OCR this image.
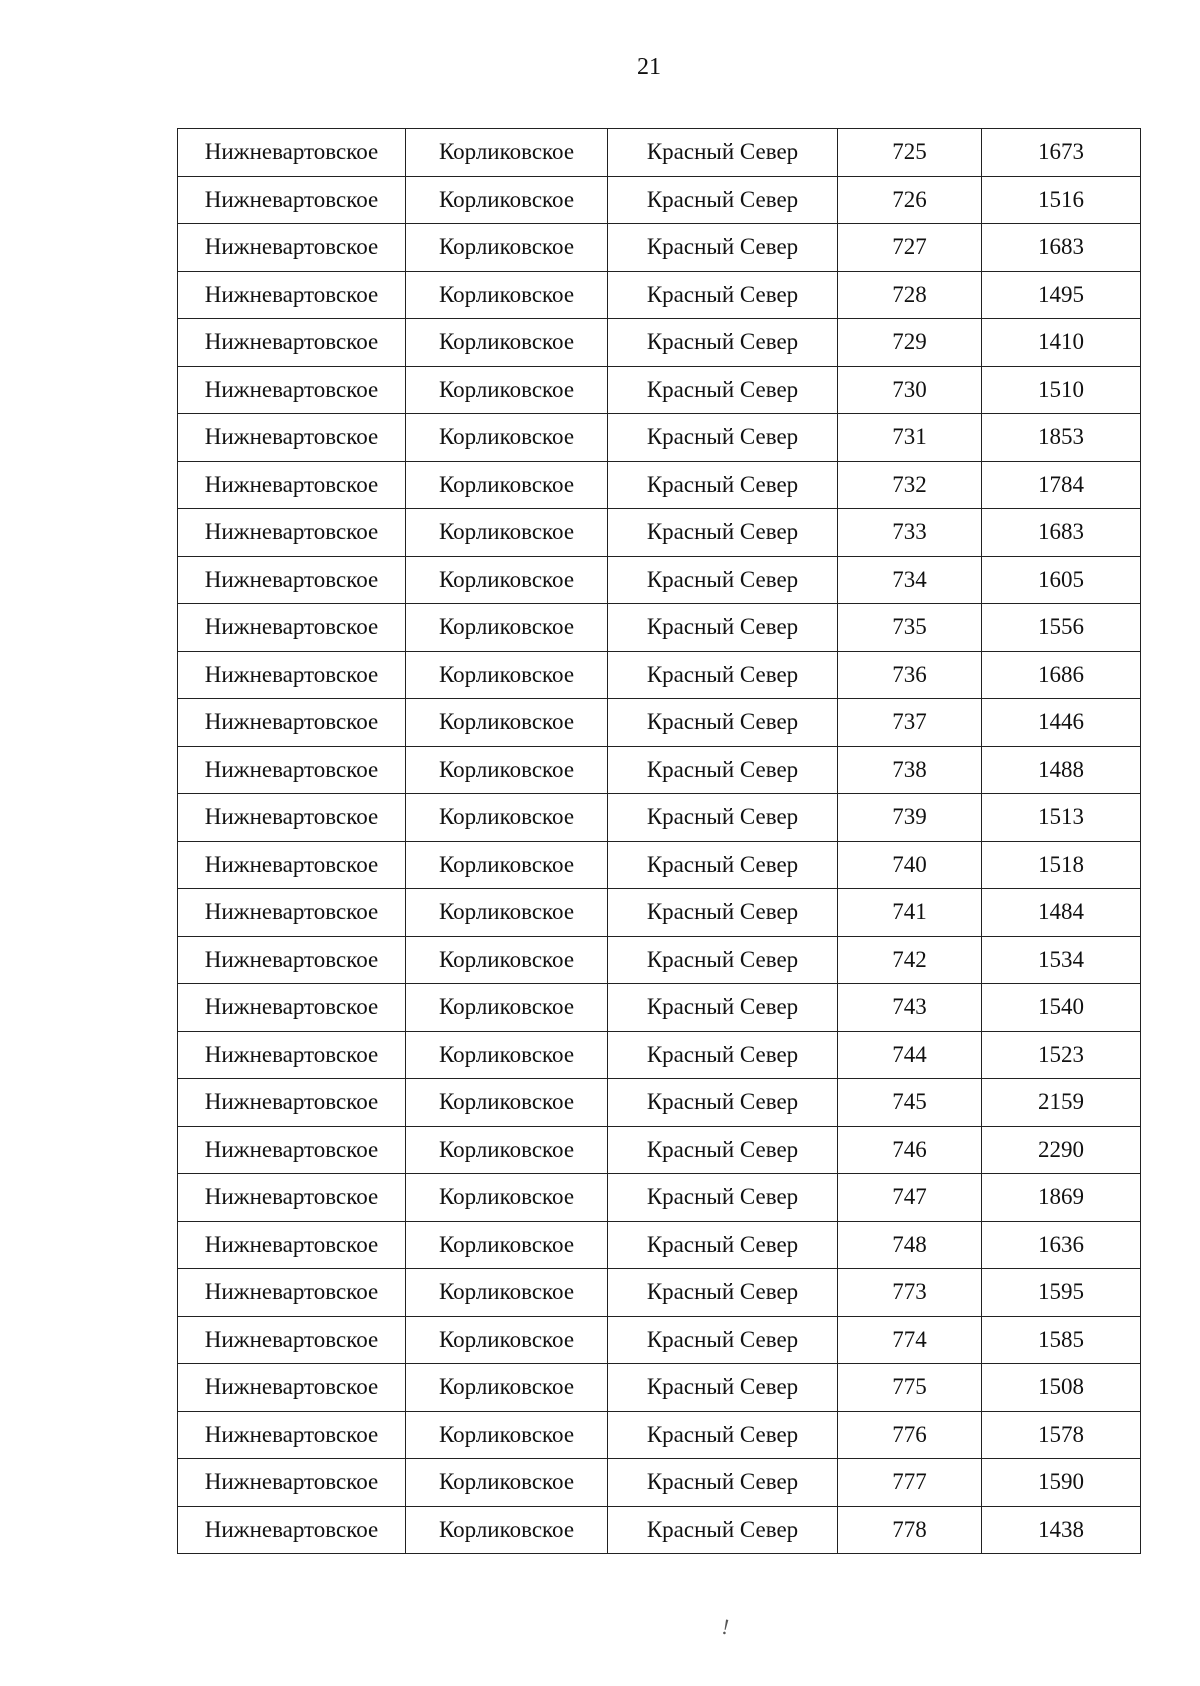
21
Нижневартовское	Корликовское	Красный Север	725	1673
Нижневартовское	Корликовское	Красный Север	726	1516
Нижневартовское	Корликовское	Красный Север	727	1683
Нижневартовское	Корликовское	Красный Север	728	1495
Нижневартовское	Корликовское	Красный Север	729	1410
Нижневартовское	Корликовское	Красный Север	730	1510
Нижневартовское	Корликовское	Красный Север	731	1853
Нижневартовское	Корликовское	Красный Север	732	1784
Нижневартовское	Корликовское	Красный Север	733	1683
Нижневартовское	Корликовское	Красный Север	734	1605
Нижневартовское	Корликовское	Красный Север	735	1556
Нижневартовское	Корликовское	Красный Север	736	1686
Нижневартовское	Корликовское	Красный Север	737	1446
Нижневартовское	Корликовское	Красный Север	738	1488
Нижневартовское	Корликовское	Красный Север	739	1513
Нижневартовское	Корликовское	Красный Север	740	1518
Нижневартовское	Корликовское	Красный Север	741	1484
Нижневартовское	Корликовское	Красный Север	742	1534
Нижневартовское	Корликовское	Красный Север	743	1540
Нижневартовское	Корликовское	Красный Север	744	1523
Нижневартовское	Корликовское	Красный Север	745	2159
Нижневартовское	Корликовское	Красный Север	746	2290
Нижневартовское	Корликовское	Красный Север	747	1869
Нижневартовское	Корликовское	Красный Север	748	1636
Нижневартовское	Корликовское	Красный Север	773	1595
Нижневартовское	Корликовское	Красный Север	774	1585
Нижневартовское	Корликовское	Красный Север	775	1508
Нижневартовское	Корликовское	Красный Север	776	1578
Нижневартовское	Корликовское	Красный Север	777	1590
Нижневартовское	Корликовское	Красный Север	778	1438
!
